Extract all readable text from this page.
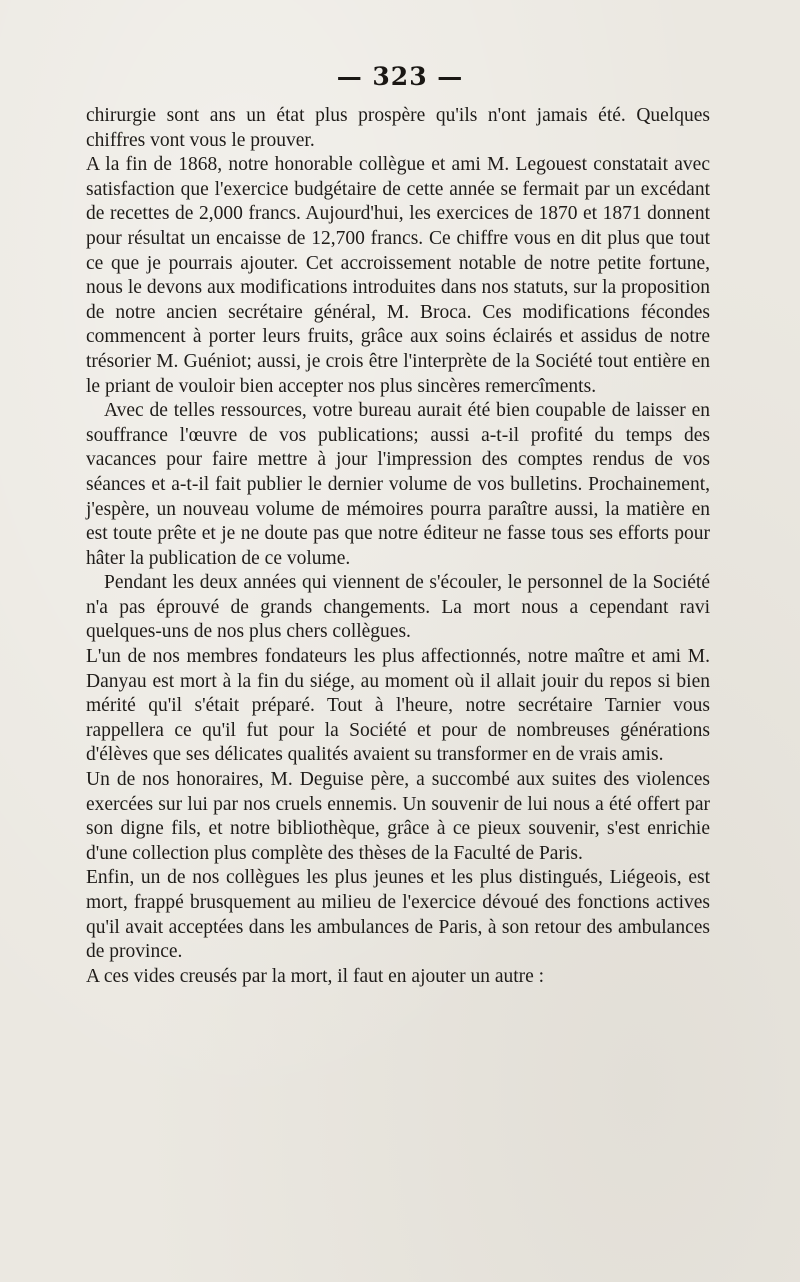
— 323 —

chirurgie sont ans un état plus prospère qu'ils n'ont jamais été. Quelques chiffres vont vous le prouver.

A la fin de 1868, notre honorable collègue et ami M. Legouest constatait avec satisfaction que l'exercice budgétaire de cette année se fermait par un excédant de recettes de 2,000 francs. Aujourd'hui, les exercices de 1870 et 1871 donnent pour résultat un encaisse de 12,700 francs. Ce chiffre vous en dit plus que tout ce que je pourrais ajouter. Cet accroissement notable de notre petite fortune, nous le devons aux modifications introduites dans nos statuts, sur la proposition de notre ancien secrétaire général, M. Broca. Ces modifications fécondes commencent à porter leurs fruits, grâce aux soins éclairés et assidus de notre trésorier M. Guéniot; aussi, je crois être l'interprète de la Société tout entière en le priant de vouloir bien accepter nos plus sincères remercîments.

Avec de telles ressources, votre bureau aurait été bien coupable de laisser en souffrance l'œuvre de vos publications; aussi a-t-il profité du temps des vacances pour faire mettre à jour l'impression des comptes rendus de vos séances et a-t-il fait publier le dernier volume de vos bulletins. Prochainement, j'espère, un nouveau volume de mémoires pourra paraître aussi, la matière en est toute prête et je ne doute pas que notre éditeur ne fasse tous ses efforts pour hâter la publication de ce volume.

Pendant les deux années qui viennent de s'écouler, le personnel de la Société n'a pas éprouvé de grands changements. La mort nous a cependant ravi quelques-uns de nos plus chers collègues.

L'un de nos membres fondateurs les plus affectionnés, notre maître et ami M. Danyau est mort à la fin du siége, au moment où il allait jouir du repos si bien mérité qu'il s'était préparé. Tout à l'heure, notre secrétaire Tarnier vous rappellera ce qu'il fut pour la Société et pour de nombreuses générations d'élèves que ses délicates qualités avaient su transformer en de vrais amis.

Un de nos honoraires, M. Deguise père, a succombé aux suites des violences exercées sur lui par nos cruels ennemis. Un souvenir de lui nous a été offert par son digne fils, et notre bibliothèque, grâce à ce pieux souvenir, s'est enrichie d'une collection plus complète des thèses de la Faculté de Paris.

Enfin, un de nos collègues les plus jeunes et les plus distingués, Liégeois, est mort, frappé brusquement au milieu de l'exercice dévoué des fonctions actives qu'il avait acceptées dans les ambulances de Paris, à son retour des ambulances de province.

A ces vides creusés par la mort, il faut en ajouter un autre :
